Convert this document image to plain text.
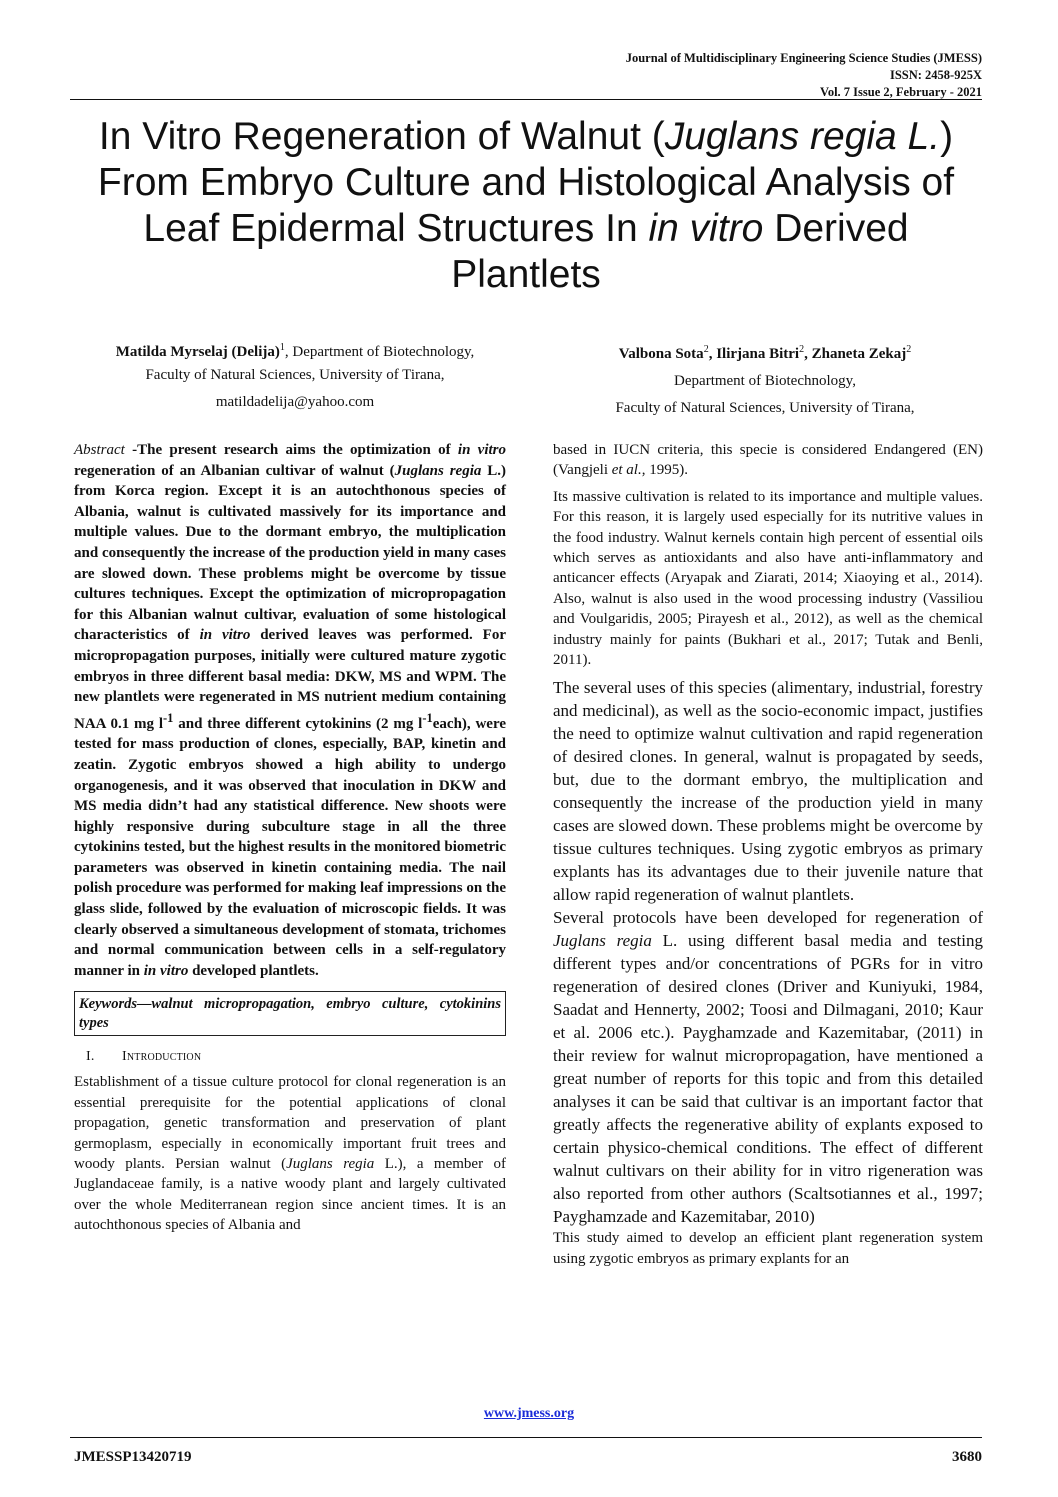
Journal of Multidisciplinary Engineering Science Studies (JMESS)
ISSN: 2458-925X
Vol. 7 Issue 2, February - 2021
In Vitro Regeneration of Walnut (Juglans regia L.) From Embryo Culture and Histological Analysis of Leaf Epidermal Structures In in vitro Derived Plantlets
Matilda Myrselaj (Delija)$^1$, Department of Biotechnology,
Faculty of Natural Sciences, University of Tirana,
matildadelija@yahoo.com
Valbona Sota$^2$, Ilirjana Bitri$^2$, Zhaneta Zekaj$^2$
Department of Biotechnology,
Faculty of Natural Sciences, University of Tirana,

Abstract -The present research aims the optimization of in vitro regeneration of an Albanian cultivar of walnut (Juglans regia L.) from Korca region. Except it is an autochthonous species of Albania, walnut is cultivated massively for its importance and multiple values. Due to the dormant embryo, the multiplication and consequently the increase of the production yield in many cases are slowed down. These problems might be overcome by tissue cultures techniques. Except the optimization of micropropagation for this Albanian walnut cultivar, evaluation of some histological characteristics of in vitro derived leaves was performed. For micropropagation purposes, initially were cultured mature zygotic embryos in three different basal media: DKW, MS and WPM. The new plantlets were regenerated in MS nutrient medium containing NAA 0.1 mg $l^{-1}$ and three different cytokinins (2 mg $l^{-1}each$), were tested for mass production of clones, especially, BAP, kinetin and zeatin. Zygotic embryos showed a high ability to undergo organogenesis, and it was observed that inoculation in DKW and MS media didn’t had any statistical difference. New shoots were highly responsive during subculture stage in all the three cytokinins tested, but the highest results in the monitored biometric parameters was observed in kinetin containing media. The nail polish procedure was performed for making leaf impressions on the glass slide, followed by the evaluation of microscopic fields. It was clearly observed a simultaneous development of stomata, trichomes and normal communication between cells in a self-regulatory manner in in vitro developed plantlets.

Keywords—walnut micropropagation, embryo culture, cytokinins types
I. Introduction

Establishment of a tissue culture protocol for clonal regeneration is an essential prerequisite for the potential applications of clonal propagation, genetic transformation and preservation of plant germoplasm, especially in economically important fruit trees and woody plants. Persian walnut (Juglans regia L.), a member of Juglandaceae family, is a native woody plant and largely cultivated over the whole Mediterranean region since ancient times. It is an autochthonous species of Albania and

based in IUCN criteria, this specie is considered Endangered (EN) (Vangjeli et al., 1995).

Its massive cultivation is related to its importance and multiple values. For this reason, it is largely used especially for its nutritive values in the food industry. Walnut kernels contain high percent of essential oils which serves as antioxidants and also have anti-inflammatory and anticancer effects (Aryapak and Ziarati, 2014; Xiaoying et al., 2014). Also, walnut is also used in the wood processing industry (Vassiliou and Voulgaridis, 2005; Pirayesh et al., 2012), as well as the chemical industry mainly for paints (Bukhari et al., 2017; Tutak and Benli, 2011).

The several uses of this species (alimentary, industrial, forestry and medicinal), as well as the socio-economic impact, justifies the need to optimize walnut cultivation and rapid regeneration of desired clones. In general, walnut is propagated by seeds, but, due to the dormant embryo, the multiplication and consequently the increase of the production yield in many cases are slowed down. These problems might be overcome by tissue cultures techniques. Using zygotic embryos as primary explants has its advantages due to their juvenile nature that allow rapid regeneration of walnut plantlets.

Several protocols have been developed for regeneration of Juglans regia L. using different basal media and testing different types and/or concentrations of PGRs for in vitro regeneration of desired clones (Driver and Kuniyuki, 1984, Saadat and Hennerty, 2002; Toosi and Dilmagani, 2010; Kaur et al. 2006 etc.). Payghamzade and Kazemitabar, (2011) in their review for walnut micropropagation, have mentioned a great number of reports for this topic and from this detailed analyses it can be said that cultivar is an important factor that greatly affects the regenerative ability of explants exposed to certain physico-chemical conditions. The effect of different walnut cultivars on their ability for in vitro rigeneration was also reported from other authors (Scaltsotiannes et al., 1997; Payghamzade and Kazemitabar, 2010)

This study aimed to develop an efficient plant regeneration system using zygotic embryos as primary explants for an

www.jmess.org
JMESSP13420719	3680
